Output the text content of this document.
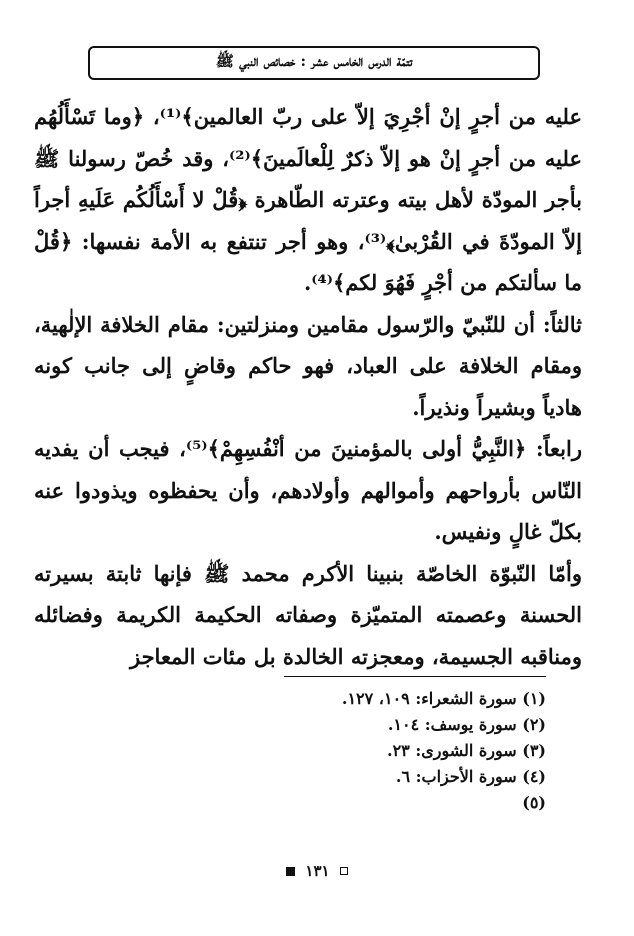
تتمّة الدرس الخامس عشر : خصائص النبي ﷺ

عليه من أجرٍ إنْ أجْرِيَ إلاّ على ربّ العالمين﴾⁽¹⁾، ﴿وما تَسْأَلُهُم عليه من أجرٍ إنْ هو إلاّ ذكرٌ لِلْعالَمينَ﴾⁽²⁾، وقد خُصّ رسولنا ﷺ بأجر المودّة لأهل بيته وعترته الطّاهرة ﴿قُلْ لا أَسْأَلُكُم عَلَيهِ أجراً إلاّ المودّةَ في القُرْبىٰ﴾⁽³⁾، وهو أجر تنتفع به الأمة نفسها: ﴿قُلْ ما سألتكم من أجْرٍ فَهُوَ لكم﴾⁽⁴⁾.

ثالثاً: أن للنّبيّ والرّسول مقامين ومنزلتين: مقام الخلافة الإلٰهية، ومقام الخلافة على العباد، فهو حاكم وقاضٍ إلى جانب كونه هادياً وبشيراً ونذيراً.

رابعاً: ﴿النَّبِيُّ أولى بالمؤمنينَ من أنْفُسِهِمْ﴾⁽⁵⁾، فيجب أن يفديه النّاس بأرواحهم وأموالهم وأولادهم، وأن يحفظوه ويذودوا عنه بكلّ غالٍ ونفيس.

وأمّا النّبوّة الخاصّة بنبينا الأكرم محمد ﷺ فإنها ثابتة بسيرته الحسنة وعصمته المتميّزة وصفاته الحكيمة الكريمة وفضائله ومناقبه الجسيمة، ومعجزته الخالدة بل مئات المعاجز

(١) سورة الشعراء: ١٠٩، ١٢٧.

(٢) سورة يوسف: ١٠٤.

(٣) سورة الشورى: ٢٣.

(٤) سورة الأحزاب: ٦.

(٥)

١٣١
